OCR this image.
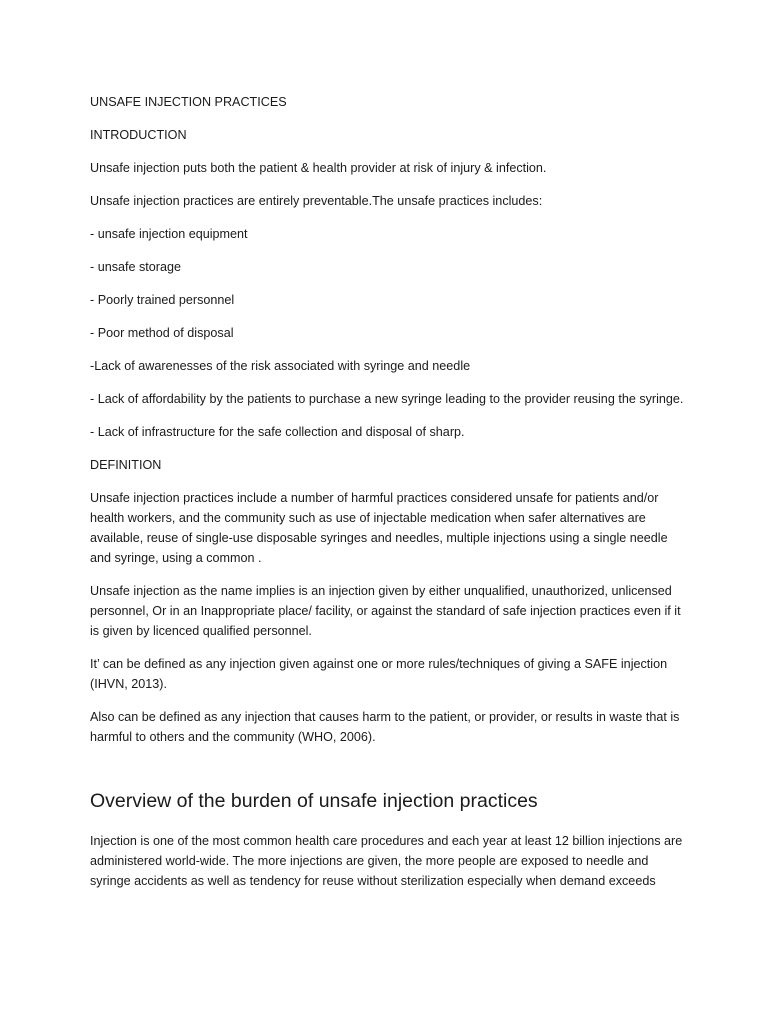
UNSAFE INJECTION PRACTICES

INTRODUCTION

Unsafe injection puts both the patient & health provider at risk of injury & infection.

Unsafe injection practices are entirely preventable.The unsafe practices includes:

- unsafe injection equipment

- unsafe storage

- Poorly trained personnel

- Poor method of disposal

-Lack of awarenesses of the risk associated with syringe and needle

- Lack of affordability by the patients to purchase a new syringe leading to the provider reusing the syringe.

- Lack of infrastructure for the safe collection and disposal of sharp.

DEFINITION

Unsafe injection practices include a number of harmful practices considered unsafe for patients and/or health workers, and the community such as use of injectable medication when safer alternatives are available, reuse of single-use disposable syringes and needles, multiple injections using a single needle and syringe, using a common .

Unsafe injection as the name implies is an injection given by either unqualified, unauthorized, unlicensed personnel, Or in an Inappropriate place/ facility, or against the standard of safe injection practices even if it is given by licenced qualified personnel.

It’ can be defined as any injection given against one or more rules/techniques of giving a SAFE injection (IHVN, 2013).

Also can be defined as any injection that causes harm to the patient, or provider, or results in waste that is harmful to others and the community (WHO, 2006).

Overview of the burden of unsafe injection practices

Injection is one of the most common health care procedures and each year at least 12 billion injections are administered world-wide. The more injections are given, the more people are exposed to needle and syringe accidents as well as tendency for reuse without sterilization especially when demand exceeds
